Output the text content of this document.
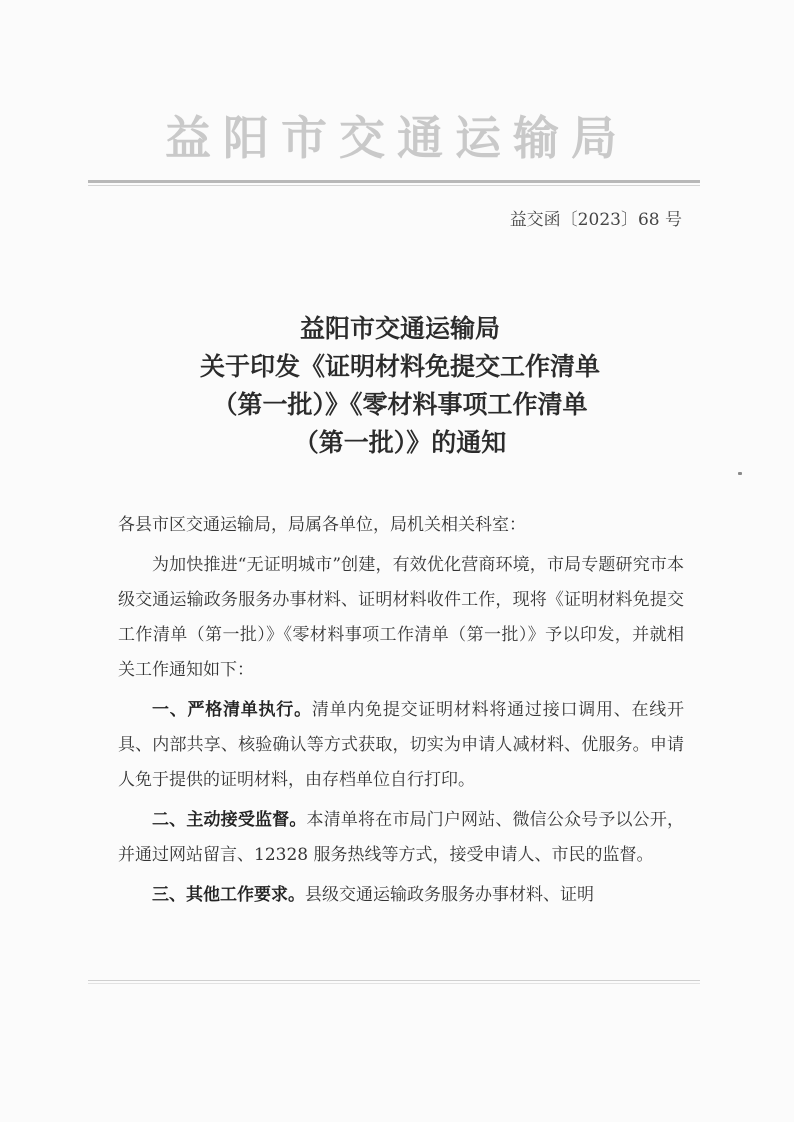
益阳市交通运输局
益交函〔2023〕68 号
益阳市交通运输局
关于印发《证明材料免提交工作清单
（第一批）》《零材料事项工作清单
（第一批）》的通知

各县市区交通运输局，局属各单位，局机关相关科室：

为加快推进“无证明城市”创建，有效优化营商环境，市局专题研究市本级交通运输政务服务办事材料、证明材料收件工作，现将《证明材料免提交工作清单（第一批）》《零材料事项工作清单（第一批）》予以印发，并就相关工作通知如下：

一、严格清单执行。清单内免提交证明材料将通过接口调用、在线开具、内部共享、核验确认等方式获取，切实为申请人减材料、优服务。申请人免于提供的证明材料，由存档单位自行打印。

二、主动接受监督。本清单将在市局门户网站、微信公众号予以公开，并通过网站留言、12328 服务热线等方式，接受申请人、市民的监督。

三、其他工作要求。县级交通运输政务服务办事材料、证明
